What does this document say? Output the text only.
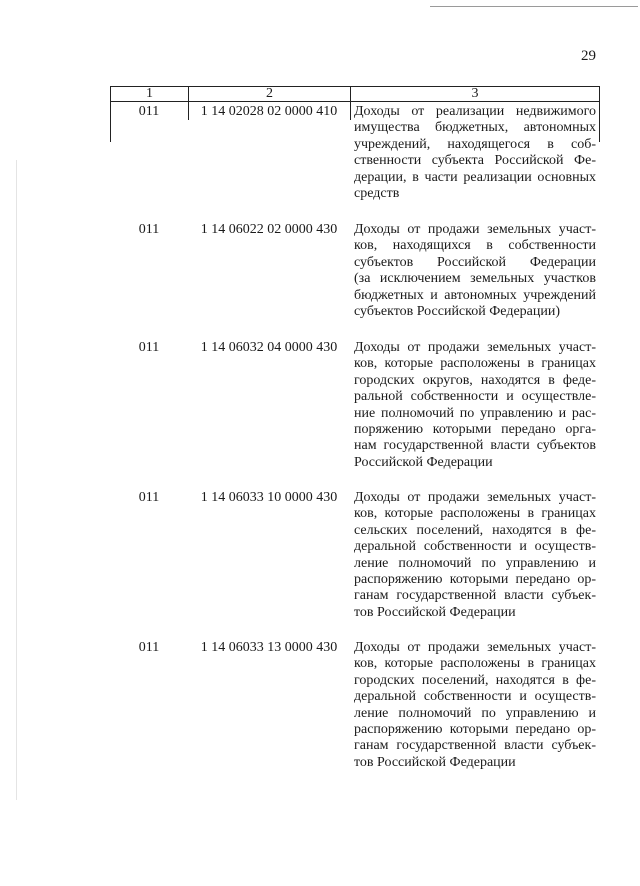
29
1	2	3
011	1 14 02028 02 0000 410	Доходы от реализации недвижимого
имущества бюджетных, автономных
учреждений, находящегося в соб-
ственности субъекта Российской Фе-
дерации, в части реализации основных
средств
011	1 14 06022 02 0000 430	Доходы от продажи земельных участ-
ков, находящихся в собственности
субъектов Российской Федерации
(за исключением земельных участков
бюджетных и автономных учреждений
субъектов Российской Федерации)
011	1 14 06032 04 0000 430	Доходы от продажи земельных участ-
ков, которые расположены в границах
городских округов, находятся в феде-
ральной собственности и осуществле-
ние полномочий по управлению и рас-
поряжению которыми передано орга-
нам государственной власти субъектов
Российской Федерации
011	1 14 06033 10 0000 430	Доходы от продажи земельных участ-
ков, которые расположены в границах
сельских поселений, находятся в фе-
деральной собственности и осуществ-
ление полномочий по управлению и
распоряжению которыми передано ор-
ганам государственной власти субъек-
тов Российской Федерации
011	1 14 06033 13 0000 430	Доходы от продажи земельных участ-
ков, которые расположены в границах
городских поселений, находятся в фе-
деральной собственности и осуществ-
ление полномочий по управлению и
распоряжению которыми передано ор-
ганам государственной власти субъек-
тов Российской Федерации
